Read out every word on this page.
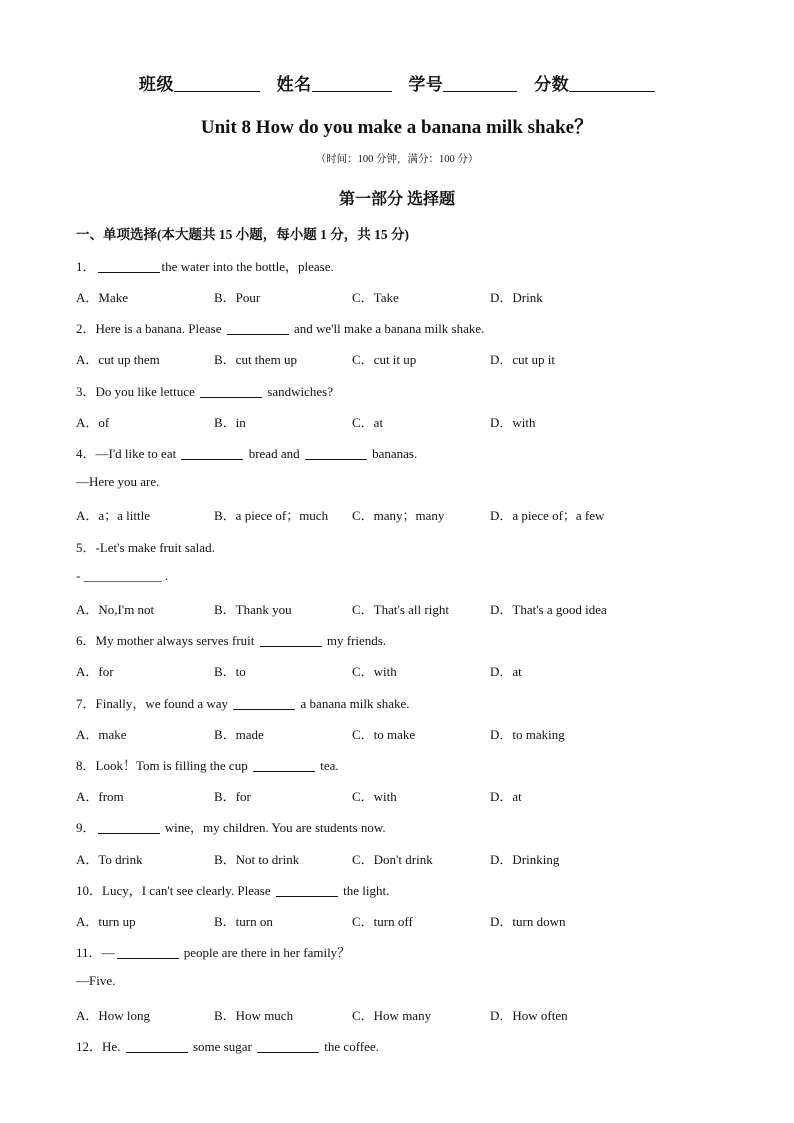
班级	姓名	学号	分数
Unit 8 How do you make a banana milk shake？
（时间：100 分钟，满分：100 分）
第一部分 选择题
一、单项选择(本大题共 15 小题，每小题 1 分，共 15 分)
1．	the water into the bottle，please.
A．Make	B．Pour	C．Take	D．Drink
2．Here is a banana. Please	and we'll make a banana milk shake.
A．cut up them	B．cut them up	C．cut it up	D．cut up it
3．Do you like lettuce	sandwiches?
A．of	B．in	C．at	D．with
4．—I'd like to eat	bread and	bananas.
—Here you are.
A．a；a little	B．a piece of；much C．many；many	D．a piece of；a few
5．-Let's make fruit salad.
- ____________ .
A．No,I'm not	B．Thank you	C．That's all right	D．That's a good idea
6．My mother always serves fruit	my friends.
A．for	B．to	C．with	D．at
7．Finally，we found a way	a banana milk shake.
A．make	B．made	C．to make	D．to making
8．Look！Tom is filling the cup	tea.
A．from	B．for	C．with	D．at
9．	wine，my children. You are students now.
A．To drink	B．Not to drink	C．Don't drink	D．Drinking
10．Lucy，I can't see clearly. Please	the light.
A．turn up	B．turn on	C．turn off	D．turn down
11．—	people are there in her family？
—Five.
A．How long	B．How much	C．How many	D．How often
12．He.	some sugar	the coffee.
